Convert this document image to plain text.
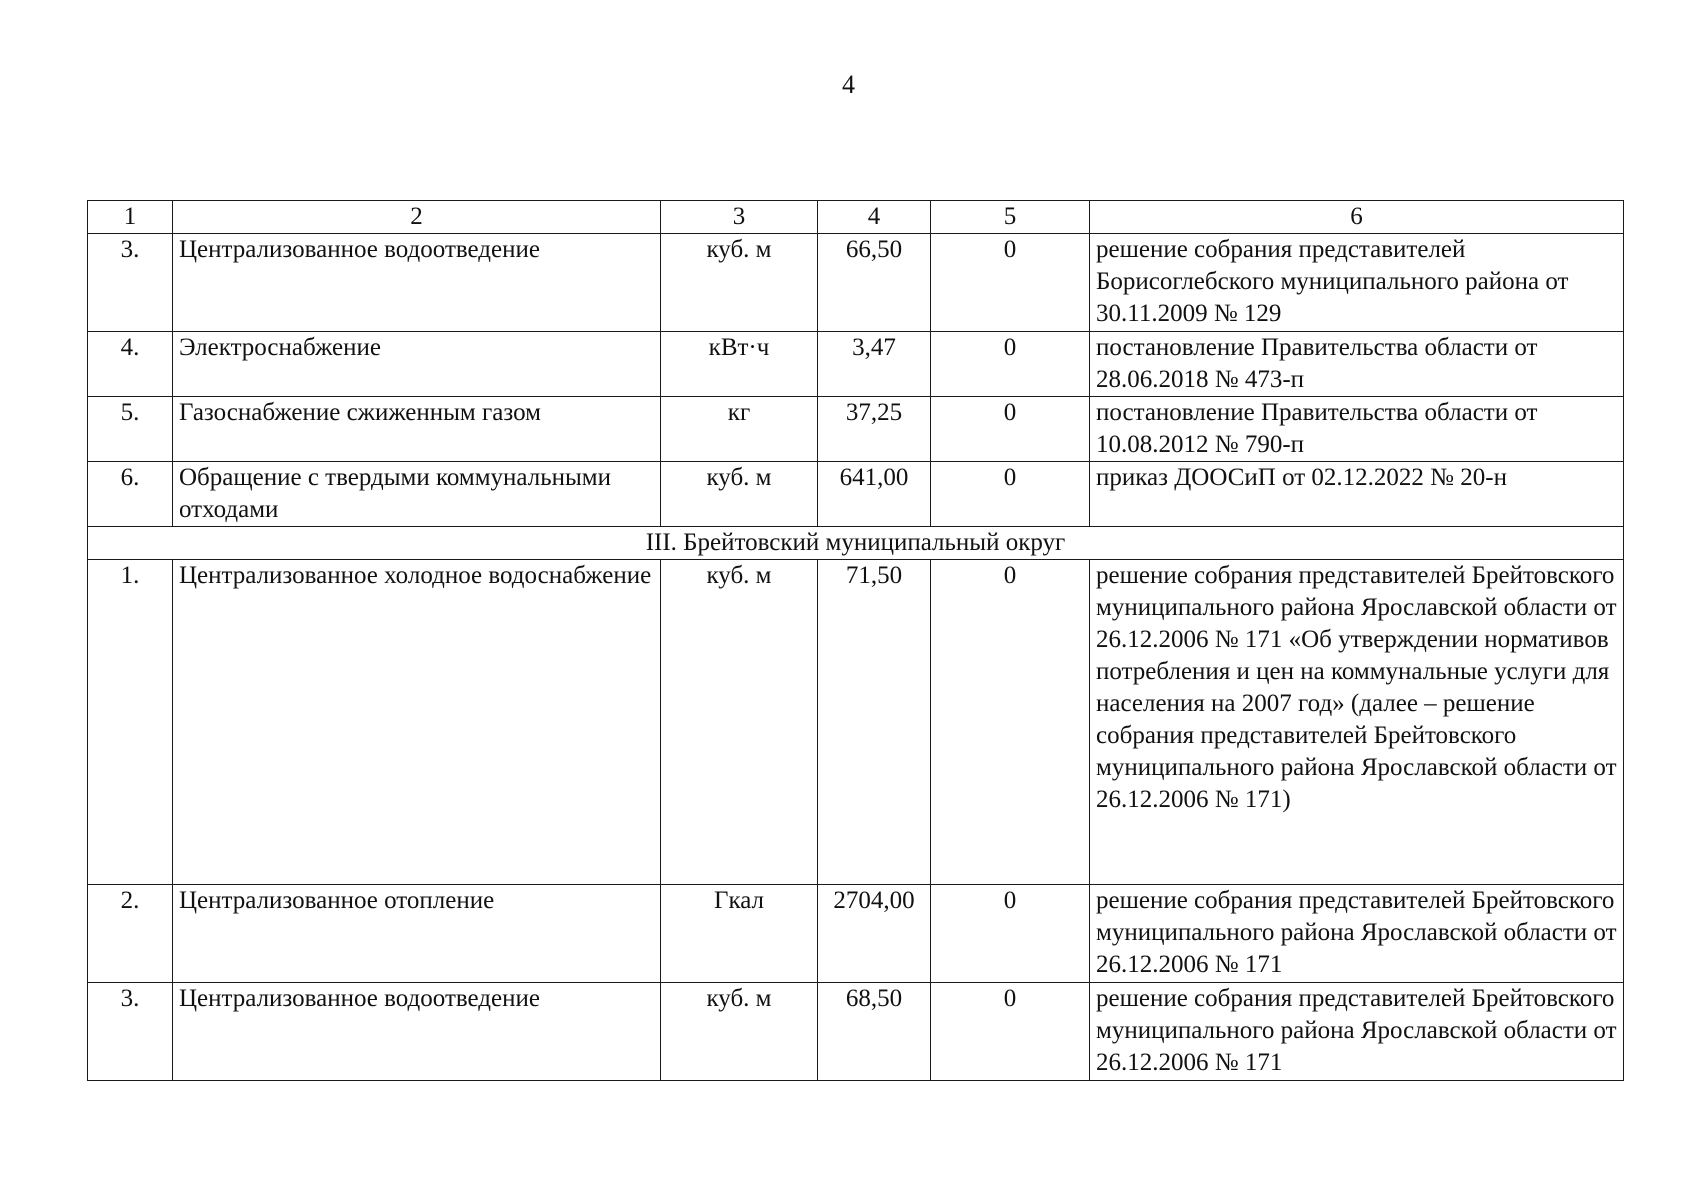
4
1	2	3	4	5	6
3.	Централизованное водоотведение	куб. м	66,50	0	решение собрания представителей Борисоглебского муниципального района от 30.11.2009 № 129
4.	Электроснабжение	кВт·ч	3,47	0	постановление Правительства области от 28.06.2018 № 473-п
5.	Газоснабжение сжиженным газом	кг	37,25	0	постановление Правительства области от 10.08.2012 № 790-п
6.	Обращение с твердыми коммунальными отходами	куб. м	641,00	0	приказ ДООСиП от 02.12.2022 № 20-н
III. Брейтовский муниципальный округ					
1.	Централизованное холодное водоснабжение	куб. м	71,50	0	решение собрания представителей Брейтовского муниципального района Ярославской области от 26.12.2006 № 171 «Об утверждении нормативов потребления и цен на коммунальные услуги для населения на 2007 год» (далее – решение собрания представителей Брейтовского муниципального района Ярославской области от 26.12.2006 № 171)
2.	Централизованное отопление	Гкал	2704,00	0	решение собрания представителей Брейтовского муниципального района Ярославской области от 26.12.2006 № 171
3.	Централизованное водоотведение	куб. м	68,50	0	решение собрания представителей Брейтовского муниципального района Ярославской области от 26.12.2006 № 171
